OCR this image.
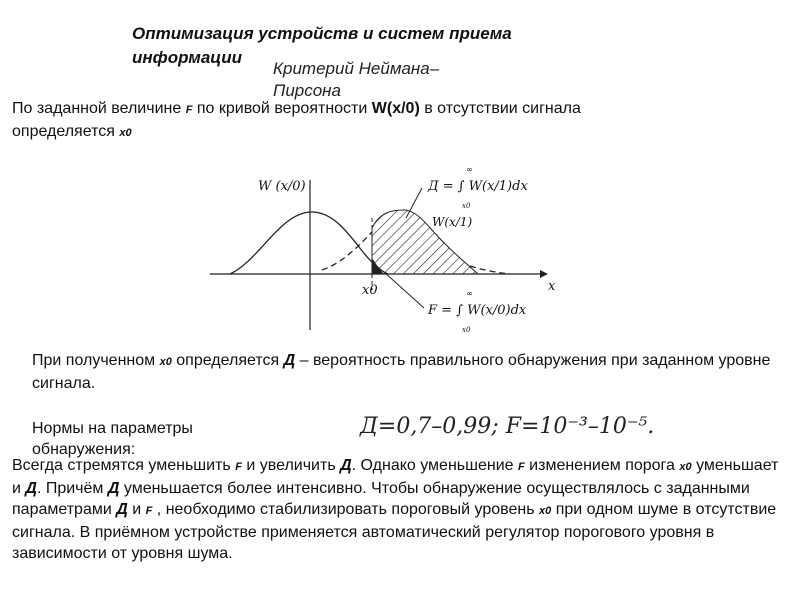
Оптимизация устройств и систем приема информации
Критерий Неймана–
Пирсона
По заданной величине F по кривой вероятности W(x/0) в отсутствии сигнала определяется x0
W (x/0)
x
x0
Д = ∫ W(x/1)dx
∞
x0
W(x/1)
F = ∫ W(x/0)dx
∞
x0
При полученном x0 определяется Д – вероятность правильного обнаружения при заданном уровне сигнала.
Нормы на параметры обнаружения:
Д=0,7–0,99; F=10⁻³–10⁻⁵.
Всегда стремятся уменьшить F и увеличить Д. Однако уменьшение F изменением порога x0 уменьшает и Д. Причём Д уменьшается более интенсивно. Чтобы обнаружение осуществлялось с заданными параметрами Д и F , необходимо стабилизировать пороговый уровень x0 при одном шуме в отсутствие сигнала. В приёмном устройстве применяется автоматический регулятор порогового уровня в зависимости от уровня шума.
